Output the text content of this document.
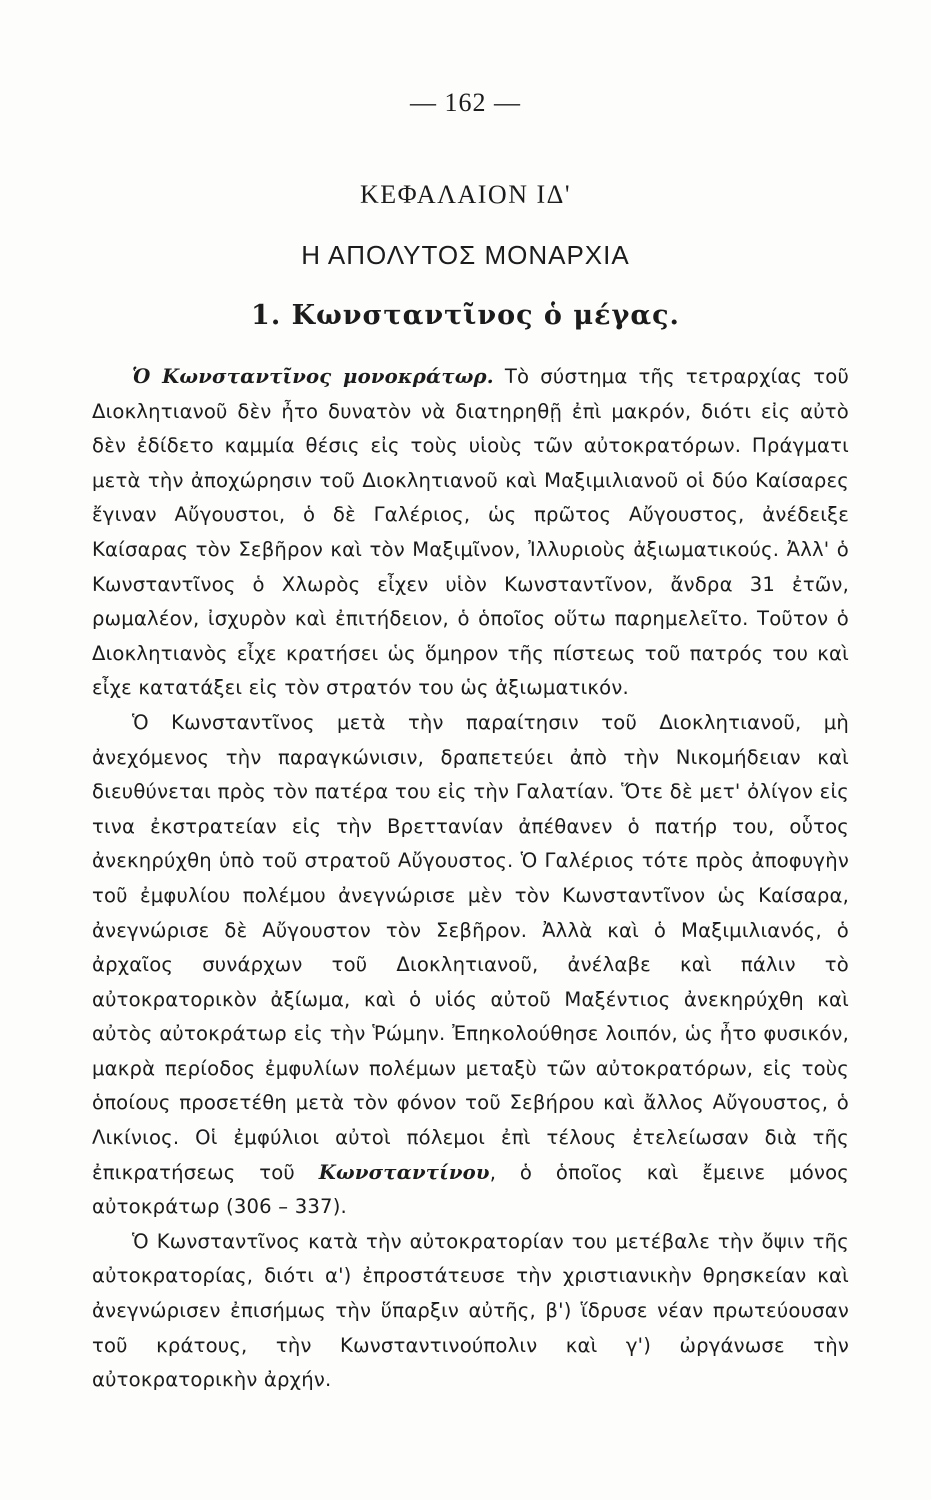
— 162 —
ΚΕΦΑΛΑΙΟΝ ΙΔ'
Η ΑΠΟΛΥΤΟΣ ΜΟΝΑΡΧΙΑ
1. Κωνσταντῖνος ὁ μέγας.

Ὁ Κωνσταντῖνος μονοκράτωρ. Τὸ σύστημα τῆς τετραρχίας τοῦ Διοκλητιανοῦ δὲν ἦτο δυνατὸν νὰ διατηρηθῇ ἐπὶ μακρόν, διότι εἰς αὐτὸ δὲν ἐδίδετο καμμία θέσις εἰς τοὺς υἱοὺς τῶν αὐτοκρατόρων. Πράγματι μετὰ τὴν ἀποχώρησιν τοῦ Διοκλητιανοῦ καὶ Μαξιμιλιανοῦ οἱ δύο Καίσαρες ἔγιναν Αὔγουστοι, ὁ δὲ Γαλέριος, ὡς πρῶτος Αὔγουστος, ἀνέδειξε Καίσαρας τὸν Σεβῆρον καὶ τὸν Μαξιμῖνον, Ἰλλυριοὺς ἀξιωματικούς. Ἀλλ' ὁ Κωνσταντῖνος ὁ Χλωρὸς εἶχεν υἱὸν Κωνσταντῖνον, ἄνδρα 31 ἐτῶν, ρωμαλέον, ἰσχυρὸν καὶ ἐπιτήδειον, ὁ ὁποῖος οὕτω παρημελεῖτο. Τοῦτον ὁ Διοκλητιανὸς εἶχε κρατήσει ὡς ὅμηρον τῆς πίστεως τοῦ πατρός του καὶ εἶχε κατατάξει εἰς τὸν στρατόν του ὡς ἀξιωματικόν.

Ὁ Κωνσταντῖνος μετὰ τὴν παραίτησιν τοῦ Διοκλητιανοῦ, μὴ ἀνεχόμενος τὴν παραγκώνισιν, δραπετεύει ἀπὸ τὴν Νικομήδειαν καὶ διευθύνεται πρὸς τὸν πατέρα του εἰς τὴν Γαλατίαν. Ὅτε δὲ μετ' ὀλίγον εἰς τινα ἐκστρατείαν εἰς τὴν Βρεττανίαν ἀπέθανεν ὁ πατήρ του, οὗτος ἀνεκηρύχθη ὑπὸ τοῦ στρατοῦ Αὔγουστος. Ὁ Γαλέριος τότε πρὸς ἀποφυγὴν τοῦ ἐμφυλίου πολέμου ἀνεγνώρισε μὲν τὸν Κωνσταντῖνον ὡς Καίσαρα, ἀνεγνώρισε δὲ Αὔγουστον τὸν Σεβῆρον. Ἀλλὰ καὶ ὁ Μαξιμιλιανός, ὁ ἀρχαῖος συνάρχων τοῦ Διοκλητιανοῦ, ἀνέλαβε καὶ πάλιν τὸ αὐτοκρατορικὸν ἀξίωμα, καὶ ὁ υἱός αὐτοῦ Μαξέντιος ἀνεκηρύχθη καὶ αὐτὸς αὐτοκράτωρ εἰς τὴν Ῥώμην. Ἐπηκολούθησε λοιπόν, ὡς ἦτο φυσικόν, μακρὰ περίοδος ἐμφυλίων πολέμων μεταξὺ τῶν αὐτοκρατόρων, εἰς τοὺς ὁποίους προσετέθη μετὰ τὸν φόνον τοῦ Σεβήρου καὶ ἄλλος Αὔγουστος, ὁ Λικίνιος. Οἱ ἐμφύλιοι αὐτοὶ πόλεμοι ἐπὶ τέλους ἐτελείωσαν διὰ τῆς ἐπικρατήσεως τοῦ Κωνσταντίνου, ὁ ὁποῖος καὶ ἔμεινε μόνος αὐτοκράτωρ (306 – 337).

Ὁ Κωνσταντῖνος κατὰ τὴν αὐτοκρατορίαν του μετέβαλε τὴν ὄψιν τῆς αὐτοκρατορίας, διότι α') ἐπροστάτευσε τὴν χριστιανικὴν θρησκείαν καὶ ἀνεγνώρισεν ἐπισήμως τὴν ὕπαρξιν αὐτῆς, β') ἵδρυσε νέαν πρωτεύουσαν τοῦ κράτους, τὴν Κωνσταντινούπολιν καὶ γ') ὠργάνωσε τὴν αὐτοκρατορικὴν ἀρχήν.
